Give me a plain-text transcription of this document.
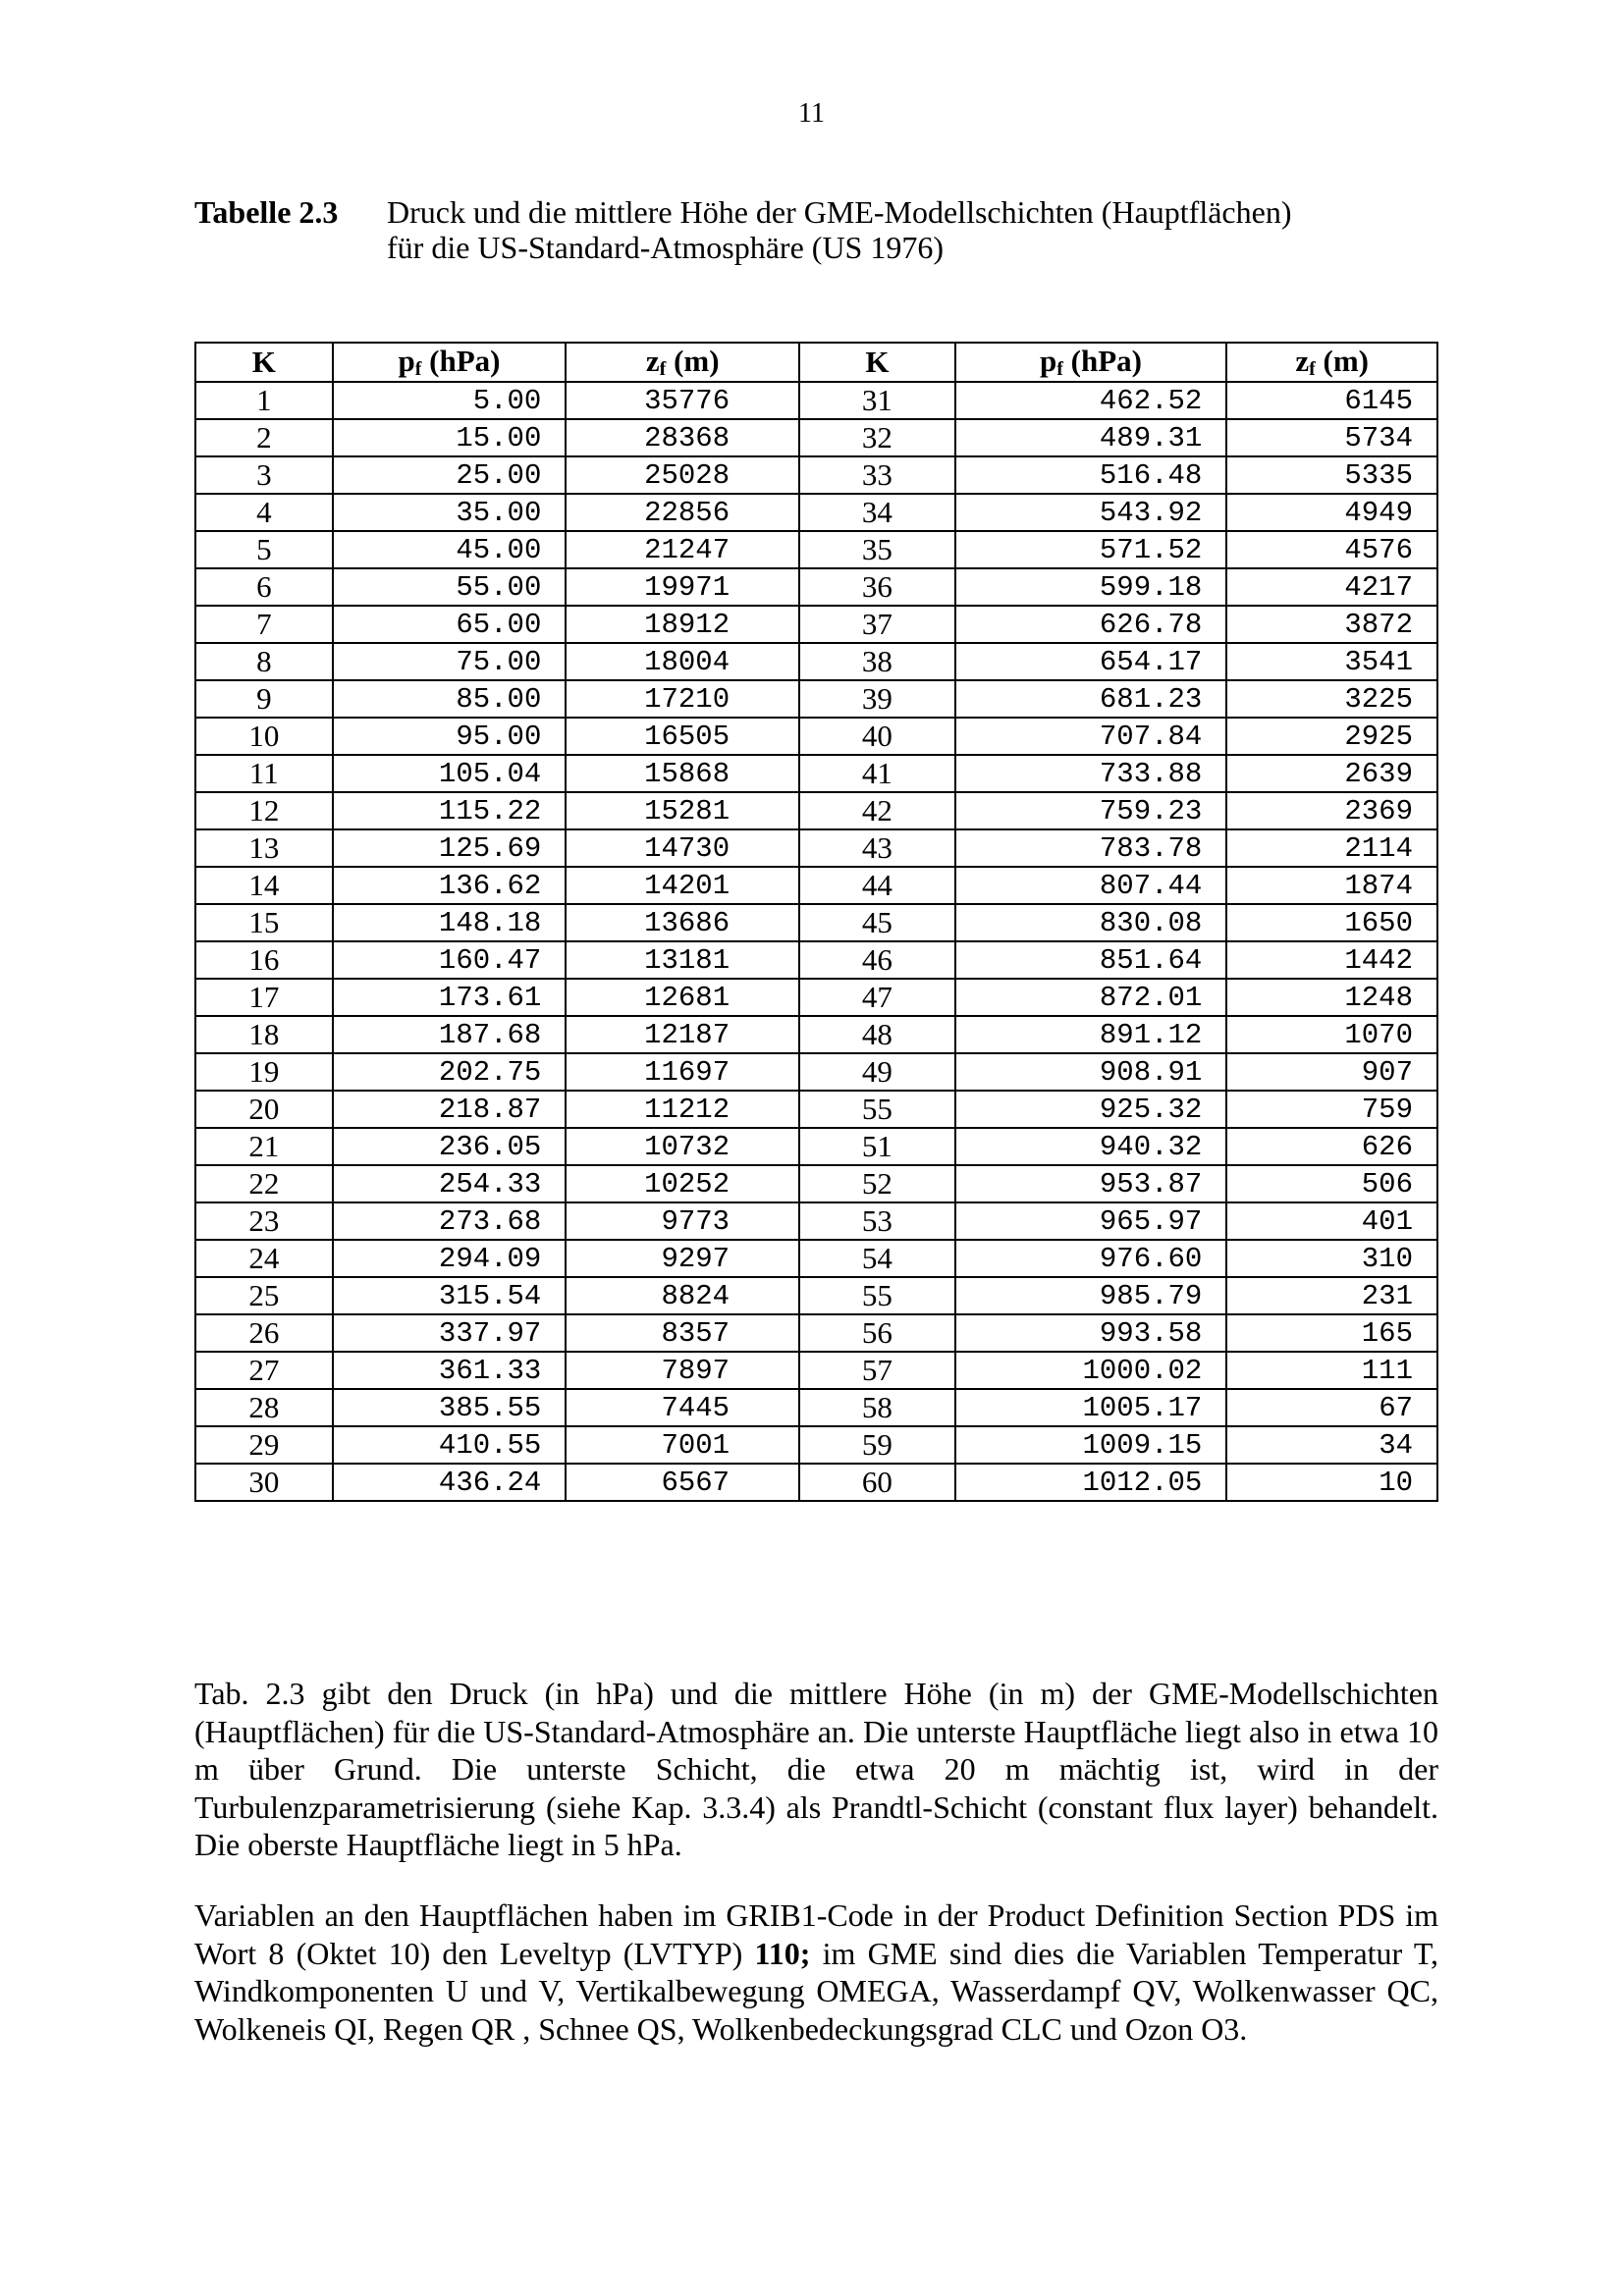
11
Tabelle 2.3 Druck und die mittlere Höhe der GME-Modellschichten (Hauptflächen)
für die US-Standard-Atmosphäre (US 1976)
K	$p_f$ (hPa)	$z_f$ (m)	K	$p_f$ (hPa)	$z_f$ (m)
1	5.00	35776	31	462.52	6145
2	15.00	28368	32	489.31	5734
3	25.00	25028	33	516.48	5335
4	35.00	22856	34	543.92	4949
5	45.00	21247	35	571.52	4576
6	55.00	19971	36	599.18	4217
7	65.00	18912	37	626.78	3872
8	75.00	18004	38	654.17	3541
9	85.00	17210	39	681.23	3225
10	95.00	16505	40	707.84	2925
11	105.04	15868	41	733.88	2639
12	115.22	15281	42	759.23	2369
13	125.69	14730	43	783.78	2114
14	136.62	14201	44	807.44	1874
15	148.18	13686	45	830.08	1650
16	160.47	13181	46	851.64	1442
17	173.61	12681	47	872.01	1248
18	187.68	12187	48	891.12	1070
19	202.75	11697	49	908.91	907
20	218.87	11212	55	925.32	759
21	236.05	10732	51	940.32	626
22	254.33	10252	52	953.87	506
23	273.68	9773	53	965.97	401
24	294.09	9297	54	976.60	310
25	315.54	8824	55	985.79	231
26	337.97	8357	56	993.58	165
27	361.33	7897	57	1000.02	111
28	385.55	7445	58	1005.17	67
29	410.55	7001	59	1009.15	34
30	436.24	6567	60	1012.05	10

Tab. 2.3 gibt den Druck (in hPa) und die mittlere Höhe (in m) der GME-Modellschichten (Hauptflächen) für die US-Standard-Atmosphäre an. Die unterste Hauptfläche liegt also in etwa 10 m über Grund. Die unterste Schicht, die etwa 20 m mächtig ist, wird in der Turbulenzparametrisierung (siehe Kap. 3.3.4) als Prandtl-Schicht (constant flux layer) behandelt. Die oberste Hauptfläche liegt in 5 hPa.

Variablen an den Hauptflächen haben im GRIB1-Code in der Product Definition Section PDS im Wort 8 (Oktet 10) den Leveltyp (LVTYP) 110; im GME sind dies die Variablen Temperatur T, Windkomponenten U und V, Vertikalbewegung OMEGA, Wasserdampf QV, Wolkenwasser QC, Wolkeneis QI, Regen QR , Schnee QS, Wolkenbedeckungsgrad CLC und Ozon O3.
